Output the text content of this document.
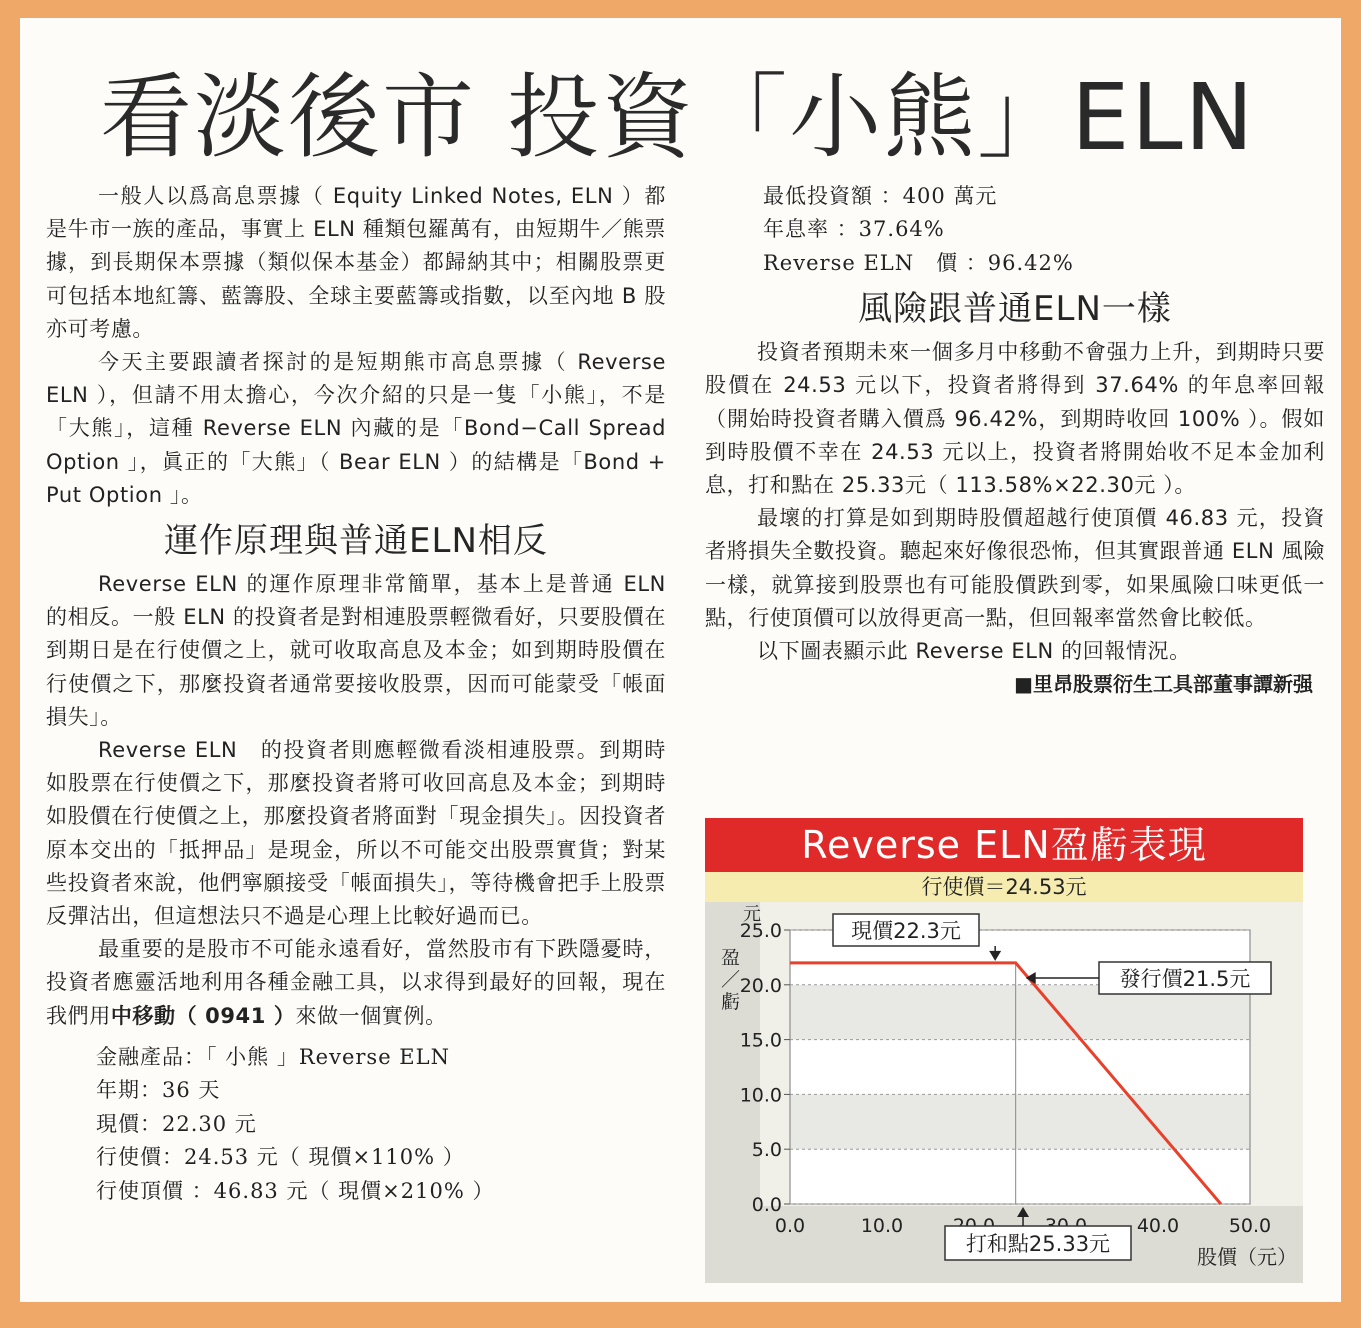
看淡後市 投資「小熊」ELN

一般人以爲高息票據（ Equity Linked Notes, ELN ）都是牛市一族的產品，事實上 ELN 種類包羅萬有，由短期牛／熊票據，到長期保本票據（類似保本基金）都歸納其中；相關股票更可包括本地紅籌、藍籌股、全球主要藍籌或指數，以至內地 B 股亦可考慮。

今天主要跟讀者探討的是短期熊市高息票據（ Reverse ELN ），但請不用太擔心，今次介紹的只是一隻「小熊」，不是「大熊」，這種 Reverse ELN 內藏的是「Bond−Call Spread Option 」，眞正的「大熊」（ Bear ELN ）的結構是「Bond + Put Option 」。

運作原理與普通ELN相反

Reverse ELN 的運作原理非常簡單，基本上是普通 ELN 的相反。一般 ELN 的投資者是對相連股票輕微看好，只要股價在到期日是在行使價之上，就可收取高息及本金；如到期時股價在行使價之下，那麼投資者通常要接收股票，因而可能蒙受「帳面損失」。

Reverse ELN　的投資者則應輕微看淡相連股票。到期時如股票在行使價之下，那麼投資者將可收回高息及本金；到期時如股價在行使價之上，那麼投資者將面對「現金損失」。因投資者原本交出的「抵押品」是現金，所以不可能交出股票實貨；對某些投資者來說，他們寧願接受「帳面損失」，等待機會把手上股票反彈沽出，但這想法只不過是心理上比較好過而已。

最重要的是股市不可能永遠看好，當然股市有下跌隱憂時，投資者應靈活地利用各種金融工具，以求得到最好的回報，現在我們用中移動（ 0941 ）來做一個實例。

金融產品：「 小熊 」Reverse ELN

年期：36 天

現價：22.30 元

行使價：24.53 元（ 現價×110% ）

行使頂價 ：46.83 元（ 現價×210% ）

最低投資額 ：400 萬元

年息率 ：37.64%

Reverse ELN　價 ：96.42%

風險跟普通ELN一樣

投資者預期未來一個多月中移動不會强力上升，到期時只要股價在 24.53 元以下，投資者將得到 37.64% 的年息率回報（開始時投資者購入價爲 96.42%，到期時收回 100% ）。假如到時股價不幸在 24.53 元以上，投資者將開始收不足本金加利息，打和點在 25.33元（ 113.58%×22.30元 ）。

最壞的打算是如到期時股價超越行使頂價 46.83 元，投資者將損失全數投資。聽起來好像很恐怖，但其實跟普通 ELN 風險一樣，就算接到股票也有可能股價跌到零，如果風險口味更低一點，行使頂價可以放得更高一點，但回報率當然會比較低。

以下圖表顯示此 Reverse ELN 的回報情況。

■里昂股票衍生工具部董事譚新强
Reverse ELN盈虧表現
行使價＝24.53元
0.0
5.0
10.0
15.0
20.0
25.0
0.0	10.0	40.0	50.0
元
盈／虧
現價22.3元
發行價21.5元
打和點25.33元
股價（元）
